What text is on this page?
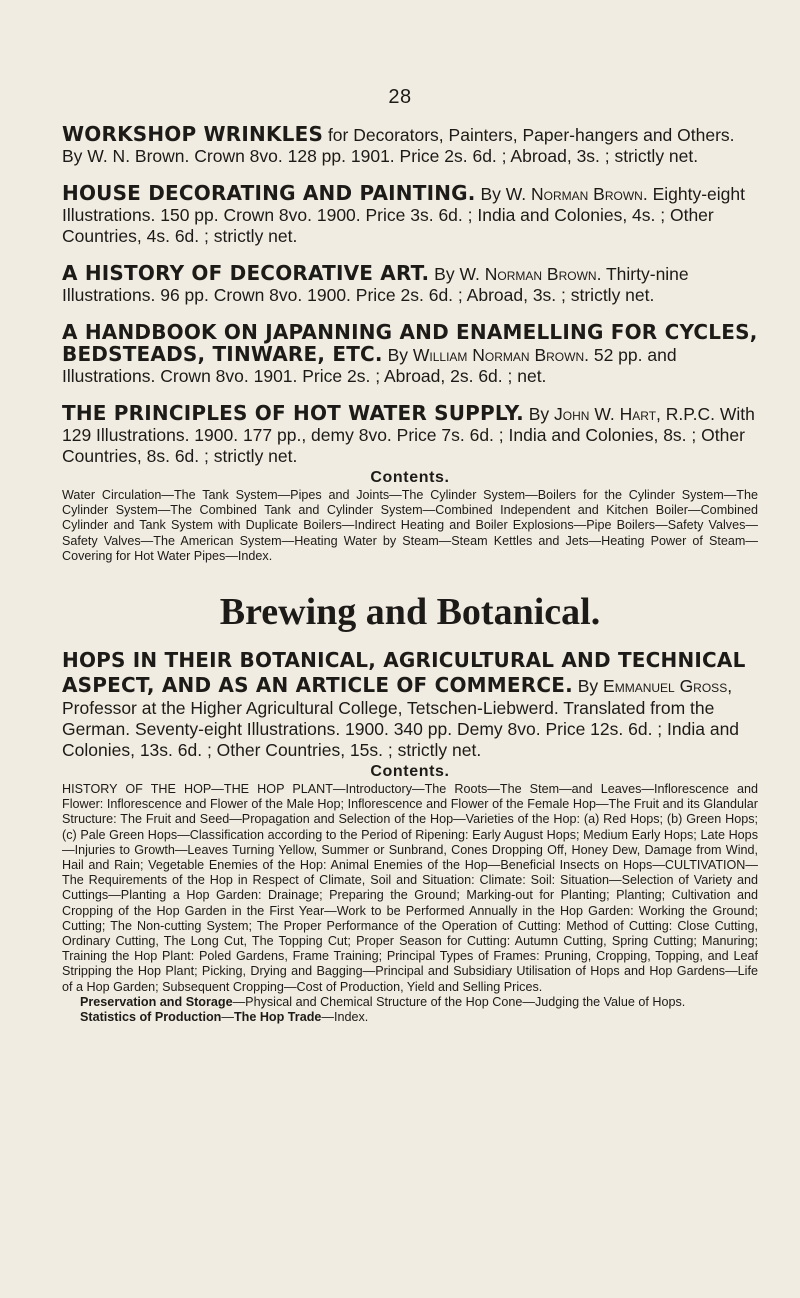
28

WORKSHOP WRINKLES for Decorators, Painters, Paper-hangers and Others. By W. N. Brown. Crown 8vo. 128 pp. 1901. Price 2s. 6d. ; Abroad, 3s. ; strictly net.

HOUSE DECORATING AND PAINTING. By W. Norman Brown. Eighty-eight Illustrations. 150 pp. Crown 8vo. 1900. Price 3s. 6d. ; India and Colonies, 4s. ; Other Countries, 4s. 6d. ; strictly net.

A HISTORY OF DECORATIVE ART. By W. Norman Brown. Thirty-nine Illustrations. 96 pp. Crown 8vo. 1900. Price 2s. 6d. ; Abroad, 3s. ; strictly net.

A HANDBOOK ON JAPANNING AND ENAMELLING FOR CYCLES, BEDSTEADS, TINWARE, ETC. By William Norman Brown. 52 pp. and Illustrations. Crown 8vo. 1901. Price 2s. ; Abroad, 2s. 6d. ; net.

THE PRINCIPLES OF HOT WATER SUPPLY. By John W. Hart, R.P.C. With 129 Illustrations. 1900. 177 pp., demy 8vo. Price 7s. 6d. ; India and Colonies, 8s. ; Other Countries, 8s. 6d. ; strictly net.

Contents.
Water Circulation—The Tank System—Pipes and Joints—The Cylinder System—Boilers for the Cylinder System—The Cylinder System—The Combined Tank and Cylinder System—Combined Independent and Kitchen Boiler—Combined Cylinder and Tank System with Duplicate Boilers—Indirect Heating and Boiler Explosions—Pipe Boilers—Safety Valves—Safety Valves—The American System—Heating Water by Steam—Steam Kettles and Jets—Heating Power of Steam—Covering for Hot Water Pipes—Index.
Brewing and Botanical.

HOPS IN THEIR BOTANICAL, AGRICULTURAL AND TECHNICAL ASPECT, AND AS AN ARTICLE OF COMMERCE. By Emmanuel Gross, Professor at the Higher Agricultural College, Tetschen-Liebwerd. Translated from the German. Seventy-eight Illustrations. 1900. 340 pp. Demy 8vo. Price 12s. 6d. ; India and Colonies, 13s. 6d. ; Other Countries, 15s. ; strictly net.

Contents.
HISTORY OF THE HOP—THE HOP PLANT—Introductory—The Roots—The Stem—and Leaves—Inflorescence and Flower: Inflorescence and Flower of the Male Hop; Inflorescence and Flower of the Female Hop—The Fruit and its Glandular Structure: The Fruit and Seed—Propagation and Selection of the Hop—Varieties of the Hop: (a) Red Hops; (b) Green Hops; (c) Pale Green Hops—Classification according to the Period of Ripening: Early August Hops; Medium Early Hops; Late Hops—Injuries to Growth—Leaves Turning Yellow, Summer or Sunbrand, Cones Dropping Off, Honey Dew, Damage from Wind, Hail and Rain; Vegetable Enemies of the Hop: Animal Enemies of the Hop—Beneficial Insects on Hops—CULTIVATION—The Requirements of the Hop in Respect of Climate, Soil and Situation: Climate: Soil: Situation—Selection of Variety and Cuttings—Planting a Hop Garden: Drainage; Preparing the Ground; Marking-out for Planting; Planting; Cultivation and Cropping of the Hop Garden in the First Year—Work to be Performed Annually in the Hop Garden: Working the Ground; Cutting; The Non-cutting System; The Proper Performance of the Operation of Cutting: Method of Cutting: Close Cutting, Ordinary Cutting, The Long Cut, The Topping Cut; Proper Season for Cutting: Autumn Cutting, Spring Cutting; Manuring; Training the Hop Plant: Poled Gardens, Frame Training; Principal Types of Frames: Pruning, Cropping, Topping, and Leaf Stripping the Hop Plant; Picking, Drying and Bagging—Principal and Subsidiary Utilisation of Hops and Hop Gardens—Life of a Hop Garden; Subsequent Cropping—Cost of Production, Yield and Selling Prices.
Preservation and Storage—Physical and Chemical Structure of the Hop Cone—Judging the Value of Hops.
Statistics of Production—The Hop Trade—Index.
